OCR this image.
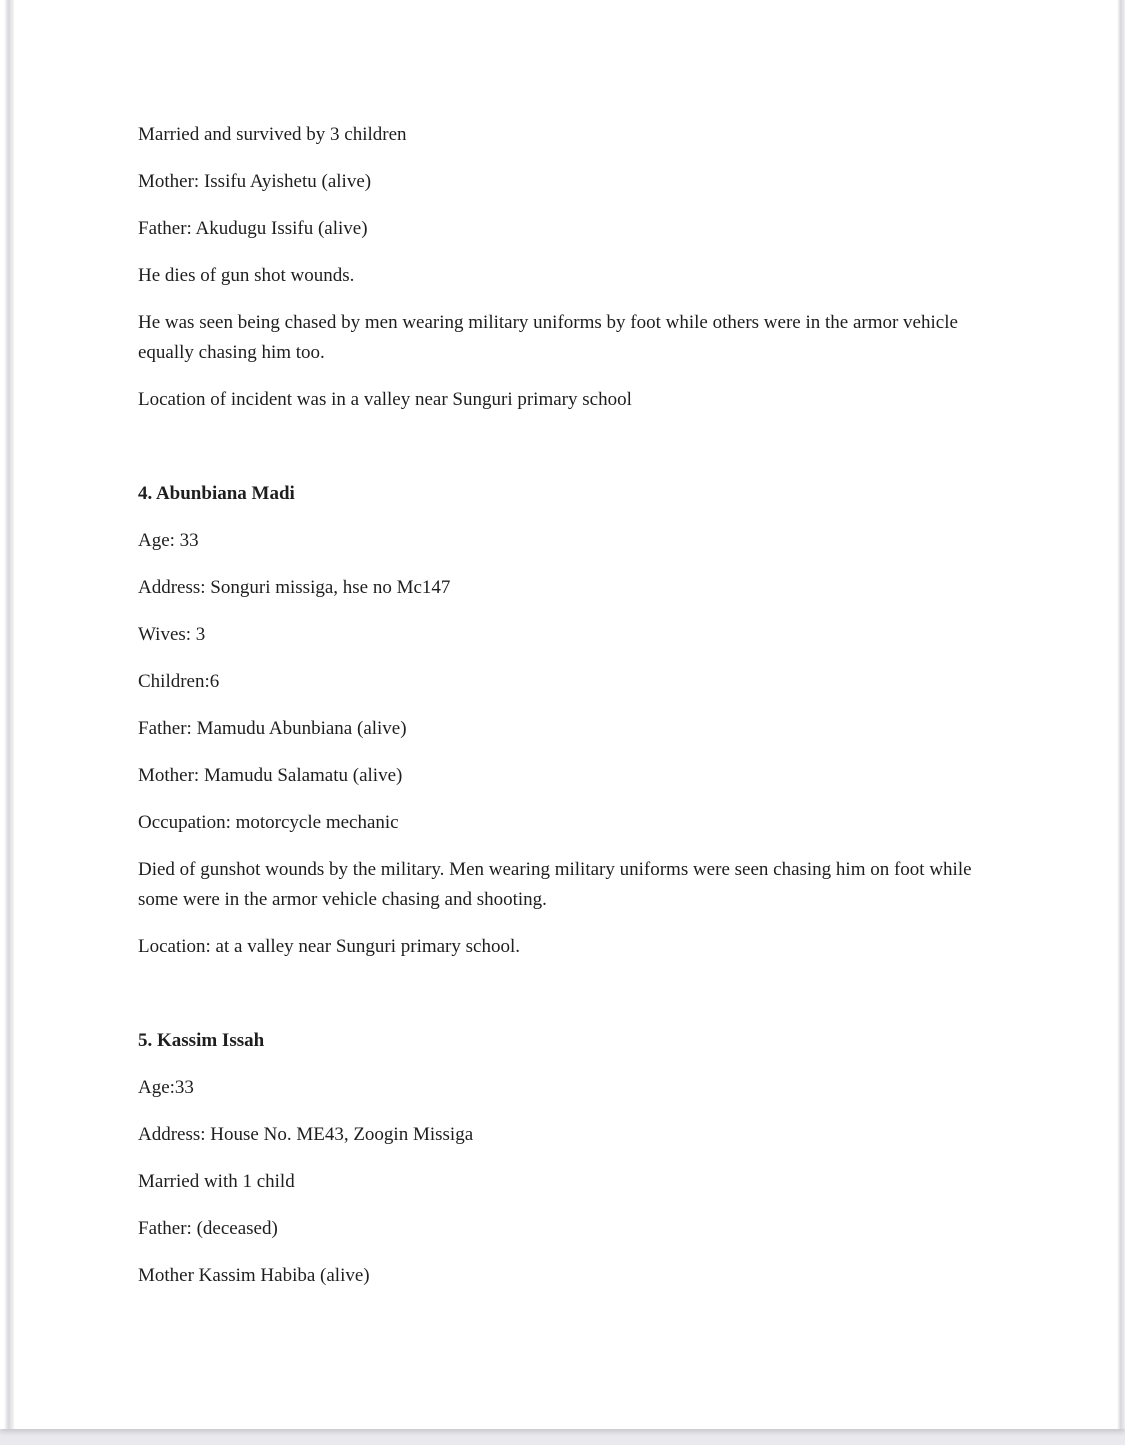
Married and survived by 3 children

Mother: Issifu Ayishetu (alive)

Father: Akudugu Issifu (alive)

He dies of gun shot wounds.

He was seen being chased by men wearing military uniforms by foot while others were in the armor vehicle equally chasing him too.

Location of incident was in a valley near Sunguri primary school

4. Abunbiana Madi

Age: 33

Address: Songuri missiga, hse no Mc147

Wives: 3

Children:6

Father: Mamudu Abunbiana (alive)

Mother: Mamudu Salamatu (alive)

Occupation: motorcycle mechanic

Died of gunshot wounds by the military. Men wearing military uniforms were seen chasing him on foot while some were in the armor vehicle chasing and shooting.

Location: at a valley near Sunguri primary school.

5. Kassim Issah

Age:33

Address: House No. ME43, Zoogin Missiga

Married with 1 child

Father: (deceased)

Mother Kassim Habiba (alive)
